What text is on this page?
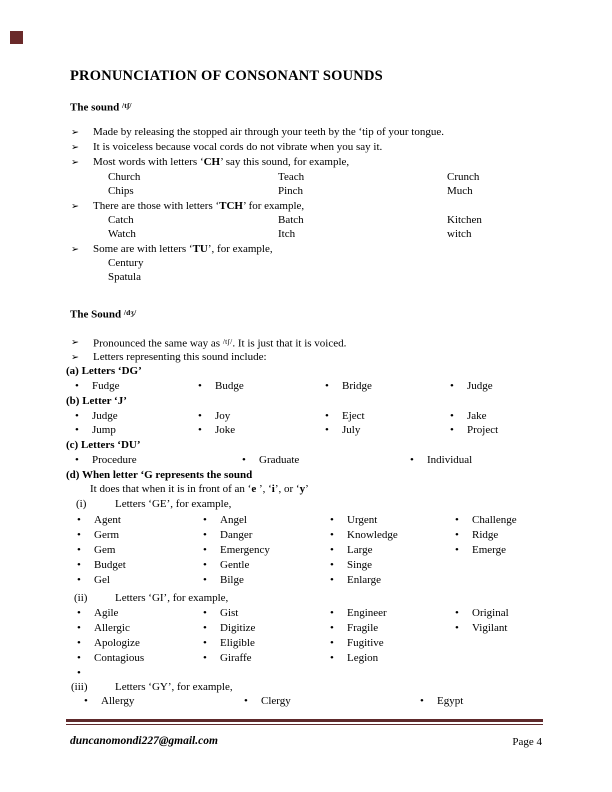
PRONUNCIATION OF CONSONANT SOUNDS
The sound $^{/tʃ/}$
➢ Made by releasing the stopped air through your teeth by the ‘tip of your tongue.
➢ It is voiceless because vocal cords do not vibrate when you say it.
➢ Most words with letters ‘CH’ say this sound, for example,
Church	Teach	Crunch
Chips	Pinch	Much
➢ There are those with letters ‘TCH’ for example,
Catch	Batch	Kitchen
Watch	Itch	witch
➢ Some are with letters ‘TU’, for example,
Century
Spatula
The Sound $^{/dʒ/}$
➢ Pronounced the same way as $^{/tʃ/}$. It is just that it is voiced.
➢ Letters representing this sound include:
(a) Letters ‘DG’
• Fudge	• Budge	• Bridge	• Judge
(b) Letter ‘J’
• Judge	• Joy	• Eject	• Jake
• Jump	• Joke	• July	• Project
(c) Letters ‘DU’
• Procedure	• Graduate	• Individual
(d) When letter ‘G represents the sound
It does that when it is in front of an ‘e ’, ‘i’, or ‘y’
(i)	Letters ‘GE’, for example,
• Agent	• Angel	• Urgent	• Challenge
• Germ	• Danger	• Knowledge	• Ridge
• Gem	• Emergency	• Large	• Emerge
• Budget	• Gentle	• Singe
• Gel	• Bilge	• Enlarge
(ii)	Letters ‘GI’, for example,
• Agile	• Gist	• Engineer	• Original
• Allergic	• Digitize	• Fragile	• Vigilant
• Apologize	• Eligible	• Fugitive
• Contagious	• Giraffe	• Legion
•
(iii)	Letters ‘GY’, for example,
• Allergy	• Clergy	• Egypt
duncanomondi227@gmail.com	Page 4
